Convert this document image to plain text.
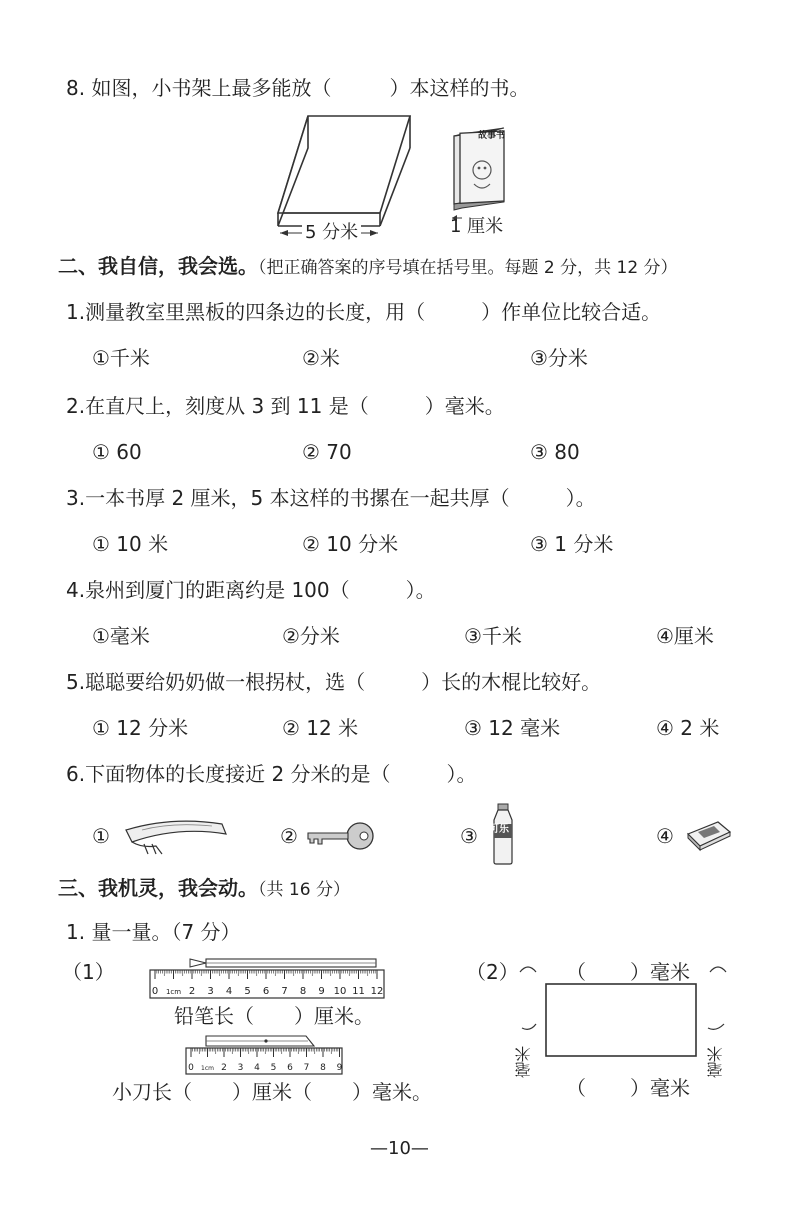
8. 如图，小书架上最多能放（	）本这样的书。
5 分米
故事书
1 厘米
二、我自信，我会选。（把正确答案的序号填在括号里。每题 2 分，共 12 分）
1.测量教室里黑板的四条边的长度，用（	）作单位比较合适。
①千米	②米	③分米
2.在直尺上，刻度从 3 到 11 是（	）毫米。
① 60	② 70	③ 80
3.一本书厚 2 厘米，5 本这样的书摞在一起共厚（	）。
① 10 米	② 10 分米	③ 1 分米
4.泉州到厦门的距离约是 100（	）。
①毫米	②分米	③千米	④厘米
5.聪聪要给奶奶做一根拐杖，选（	）长的木棍比较好。
① 12 分米	② 12 米	③ 12 毫米	④ 2 米
6.下面物体的长度接近 2 分米的是（	）。
①	②	③ 可乐	④
三、我机灵，我会动。（共 16 分）
1. 量一量。（7 分）
（1）
0 1cm 2 3 4 5 6 7 8 9 10 11 12
铅笔长（ ）厘米。
0 1cm 2 3 4 5 6 7 8 9
小刀长（ ）厘米（ ）毫米。
（2） （ ）毫米
（ ）毫米
毫米	毫米
—10—
